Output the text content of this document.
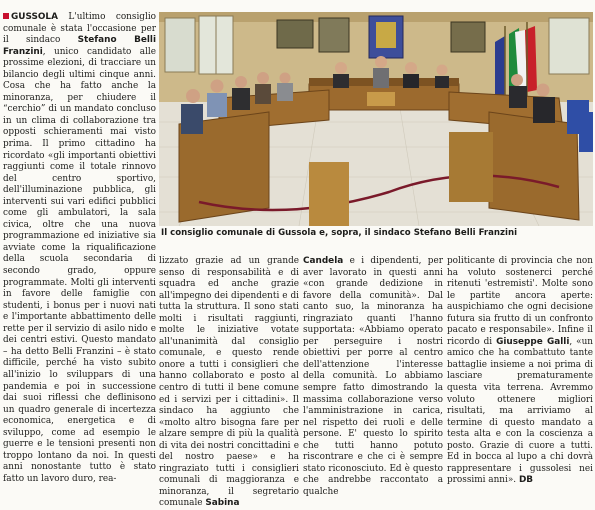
GUSSOLA L'ultimo consiglio comunale è stata l'occasione per il sindaco Stefano Belli Franzini, unico candidato alle prossime elezioni, di tracciare un bilancio degli ultimi cinque anni. Cosa che ha fatto anche la minoranza, per chiudere il “cerchio” di un mandato concluso in un clima di collaborazione tra opposti schieramenti mai visto prima. Il primo cittadino ha ricordato «gli importanti obiettivi raggiunti come il totale rinnovo del centro sportivo, dell'illuminazione pubblica, gli interventi sui vari edifici pubblici come gli ambulatori, la sala civica, oltre che una nuova programmazione ed iniziative sia avviate come la riqualificazione della scuola secondaria di secondo grado, oppure programmate. Molti gli interventi in favore delle famiglie con studenti, i bonus per i nuovi nati e l'importante abbattimento delle rette per il servizio di asilo nido e dei centri estivi. Questo mandato – ha detto Belli Franzini – è stato difficile, perché ha visto subito all'inizio lo sviluppars di una pandemia e poi in successione dai suoi riflessi che deflinisono un quadro generale di incertezza economica, energetica e di sviluppo, come ad esempio le guerre e le tensioni presenti non troppo lontano da noi. In questi anni nonostante tutto è stato fatto un lavoro duro, rea-
Il consiglio comunale di Gussola e, sopra, il sindaco Stefano Belli Franzini
lizzato grazie ad un grande senso di responsabilità e di squadra ed anche grazie all'impegno dei dipendenti e di tutta la struttura. Il sono stati molti i risultati raggiunti, molte le iniziative votate all'unanimità dal consiglio comunale, e questo rende onore a tutti i consiglieri che hanno collaborato e posto al centro di tutti il bene comune ed i servizi per i cittadini». Il sindaco ha aggiunto che «molto altro bisogna fare per alzare sempre di più la qualità di vita dei nostri concittadini e del nostro paese» e ha ringraziato tutti i consiglieri comunali di maggioranza e minoranza, il segretario comunale Sabina
Candela e i dipendenti, per aver lavorato in questi anni «con grande dedizione in favore della comunità». Dal canto suo, la minoranza ha ringraziato quanti l'hanno supportata: «Abbiamo operato per perseguire i nostri obiettivi per porre al centro dell'attenzione l'interesse della comunità. Lo abbiamo sempre fatto dimostrando la massima collaborazione verso l'amministrazione in carica, nel rispetto dei ruoli e delle persone. E' questo lo spirito che tutti hanno potuto riscontrare e che ci è sempre stato riconosciuto. Ed è questo che andrebbe raccontato a qualche
politicante di provincia che non ha voluto sostenerci perché ritenuti 'estremisti'. Molte sono le partite ancora aperte: auspichiamo che ogni decisione futura sia frutto di un confronto pacato e responsabile». Infine il ricordo di Giuseppe Galli, «un amico che ha combattuto tante battaglie insieme a noi prima di lasciare prematuramente questa vita terrena. Avremmo voluto ottenere migliori risultati, ma arriviamo al termine di questo mandato a testa alta e con la coscienza a posto. Grazie di cuore a tutti. Ed in bocca al lupo a chi dovrà rappresentare i gussolesi nei prossimi anni». DB
